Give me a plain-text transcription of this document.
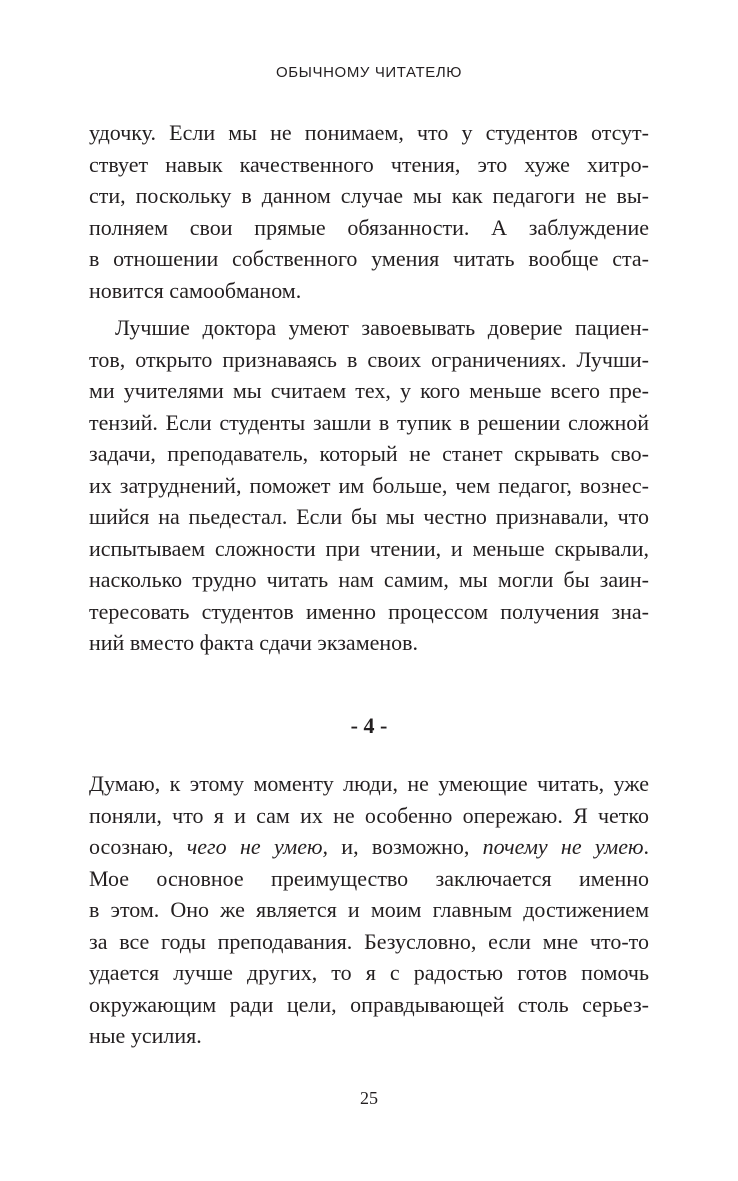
ОБЫЧНОМУ ЧИТАТЕЛЮ
удочку. Если мы не понимаем, что у студентов отсут-
ствует навык качественного чтения, это хуже хитро-
сти, поскольку в данном случае мы как педагоги не вы-
полняем свои прямые обязанности. А заблуждение
в отношении собственного умения читать вообще ста-
новится самообманом.
Лучшие доктора умеют завоевывать доверие пациен-
тов, открыто признаваясь в своих ограничениях. Лучши-
ми учителями мы считаем тех, у кого меньше всего пре-
тензий. Если студенты зашли в тупик в решении сложной
задачи, преподаватель, который не станет скрывать сво-
их затруднений, поможет им больше, чем педагог, вознес-
шийся на пьедестал. Если бы мы честно признавали, что
испытываем сложности при чтении, и меньше скрывали,
насколько трудно читать нам самим, мы могли бы заин-
тересовать студентов именно процессом получения зна-
ний вместо факта сдачи экзаменов.
- 4 -
Думаю, к этому моменту люди, не умеющие читать, уже
поняли, что я и сам их не особенно опережаю. Я четко
осознаю, чего не умею, и, возможно, почему не умею.
Мое основное преимущество заключается именно
в этом. Оно же является и моим главным достижением
за все годы преподавания. Безусловно, если мне что-то
удается лучше других, то я с радостью готов помочь
окружающим ради цели, оправдывающей столь серьез-
ные усилия.
25
